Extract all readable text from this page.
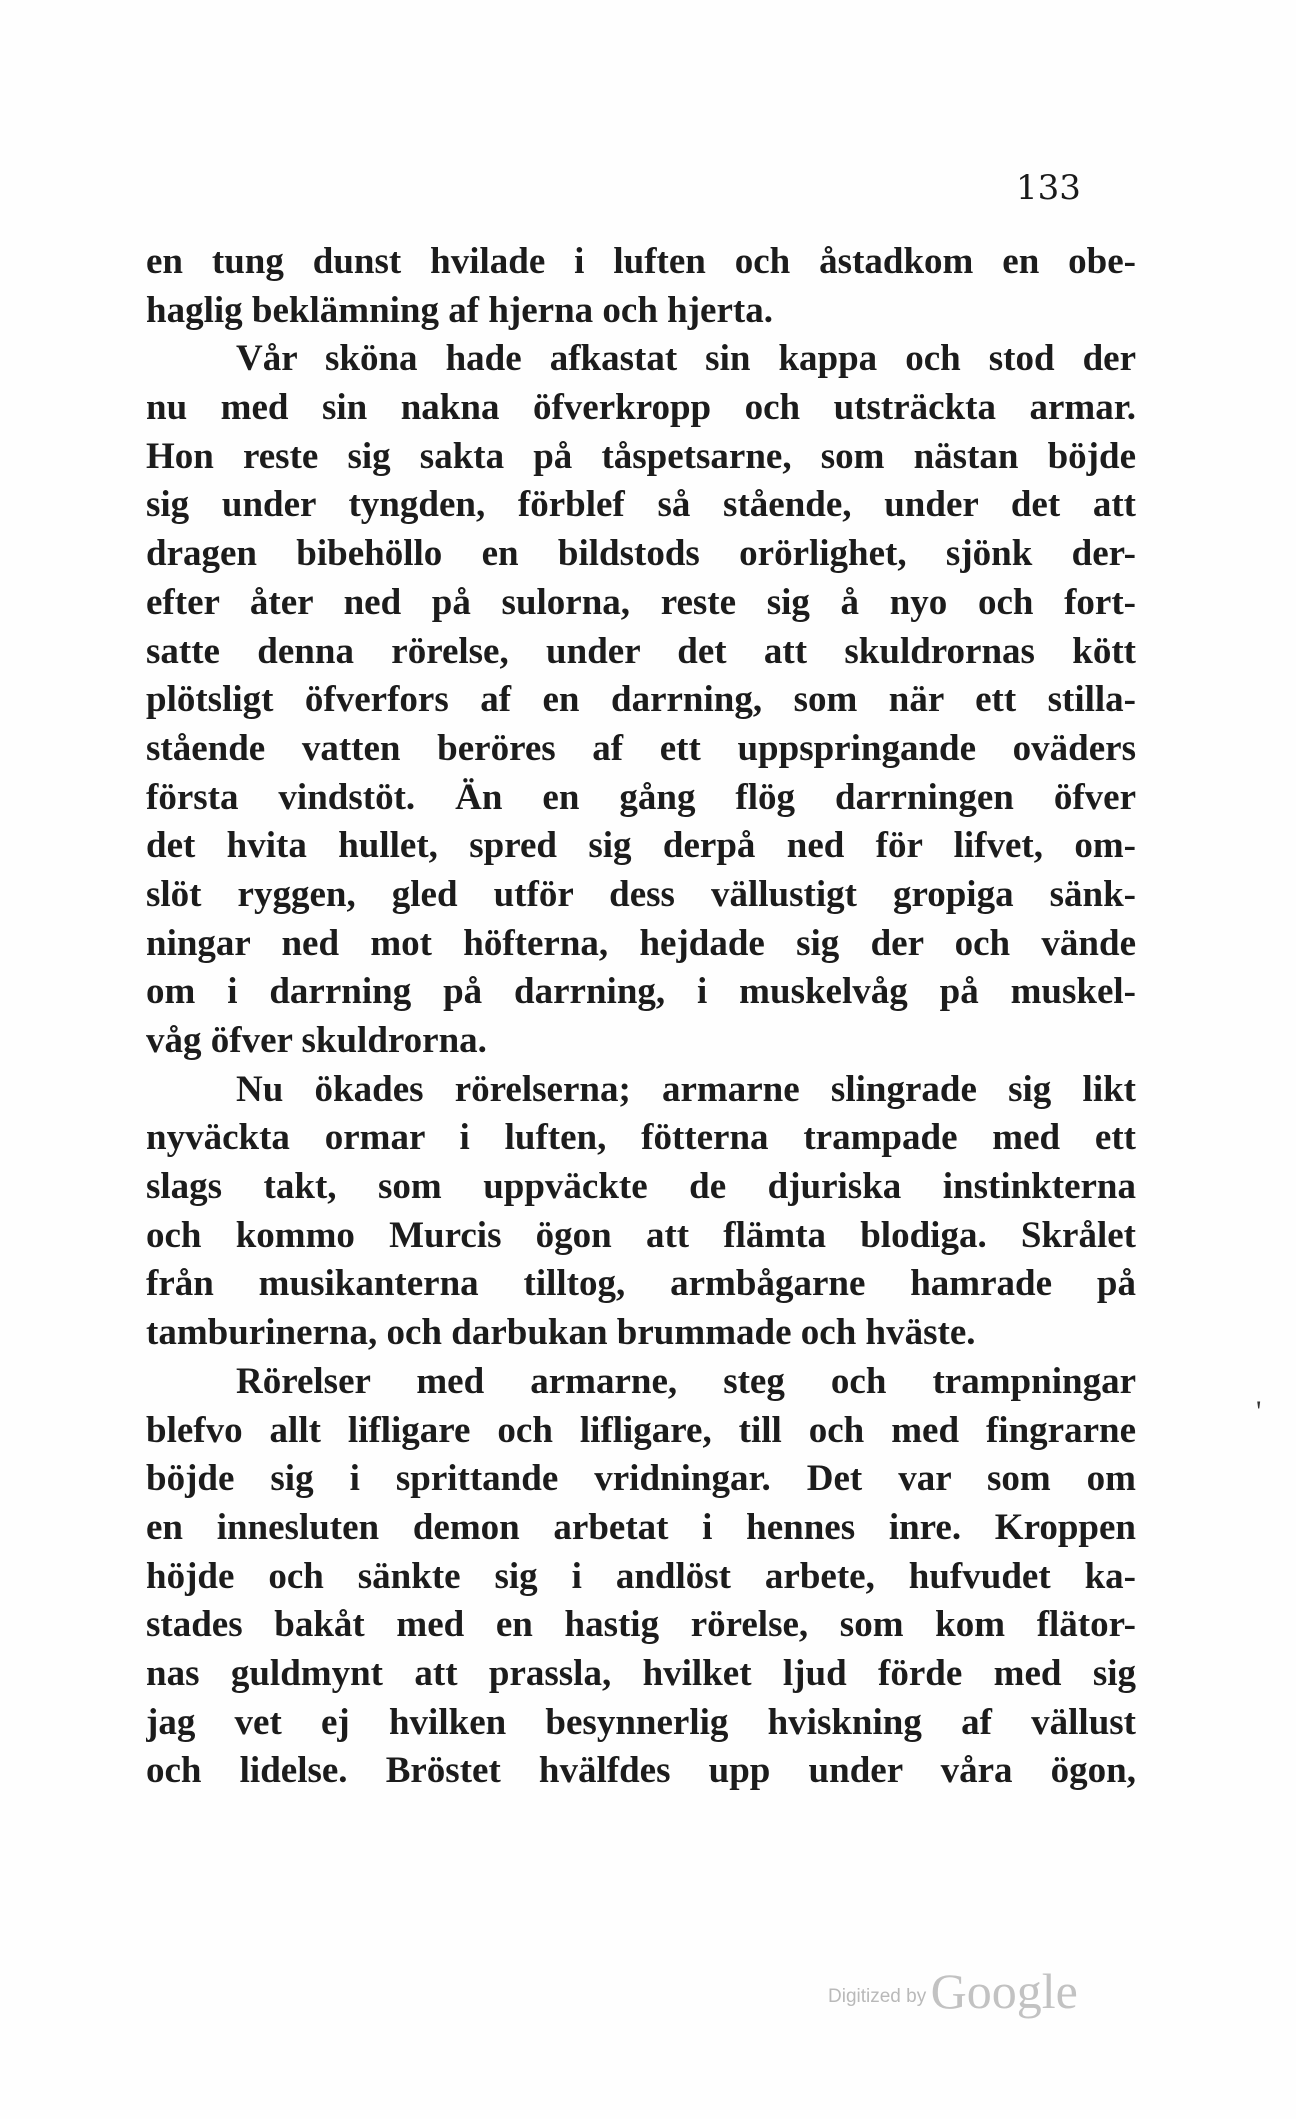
133
en tung dunst hvilade i luften och åstadkom en obe-
haglig beklämning af hjerna och hjerta.
Vår sköna hade afkastat sin kappa och stod der
nu med sin nakna öfverkropp och utsträckta armar.
Hon reste sig sakta på tåspetsarne, som nästan böjde
sig under tyngden, förblef så stående, under det att
dragen bibehöllo en bildstods orörlighet, sjönk der-
efter åter ned på sulorna, reste sig å nyo och fort-
satte denna rörelse, under det att skuldrornas kött
plötsligt öfverfors af en darrning, som när ett stilla-
stående vatten beröres af ett uppspringande oväders
första vindstöt. Än en gång flög darrningen öfver
det hvita hullet, spred sig derpå ned för lifvet, om-
slöt ryggen, gled utför dess vällustigt gropiga sänk-
ningar ned mot höfterna, hejdade sig der och vände
om i darrning på darrning, i muskelvåg på muskel-
våg öfver skuldrorna.
Nu ökades rörelserna; armarne slingrade sig likt
nyväckta ormar i luften, fötterna trampade med ett
slags takt, som uppväckte de djuriska instinkterna
och kommo Murcis ögon att flämta blodiga. Skrålet
från musikanterna tilltog, armbågarne hamrade på
tamburinerna, och darbukan brummade och hväste.
Rörelser med armarne, steg och trampningar
blefvo allt lifligare och lifligare, till och med fingrarne
böjde sig i sprittande vridningar. Det var som om
en innesluten demon arbetat i hennes inre. Kroppen
höjde och sänkte sig i andlöst arbete, hufvudet ka-
stades bakåt med en hastig rörelse, som kom flätor-
nas guldmynt att prassla, hvilket ljud förde med sig
jag vet ej hvilken besynnerlig hviskning af vällust
och lidelse. Bröstet hvälfdes upp under våra ögon,
'
Digitized by Google
